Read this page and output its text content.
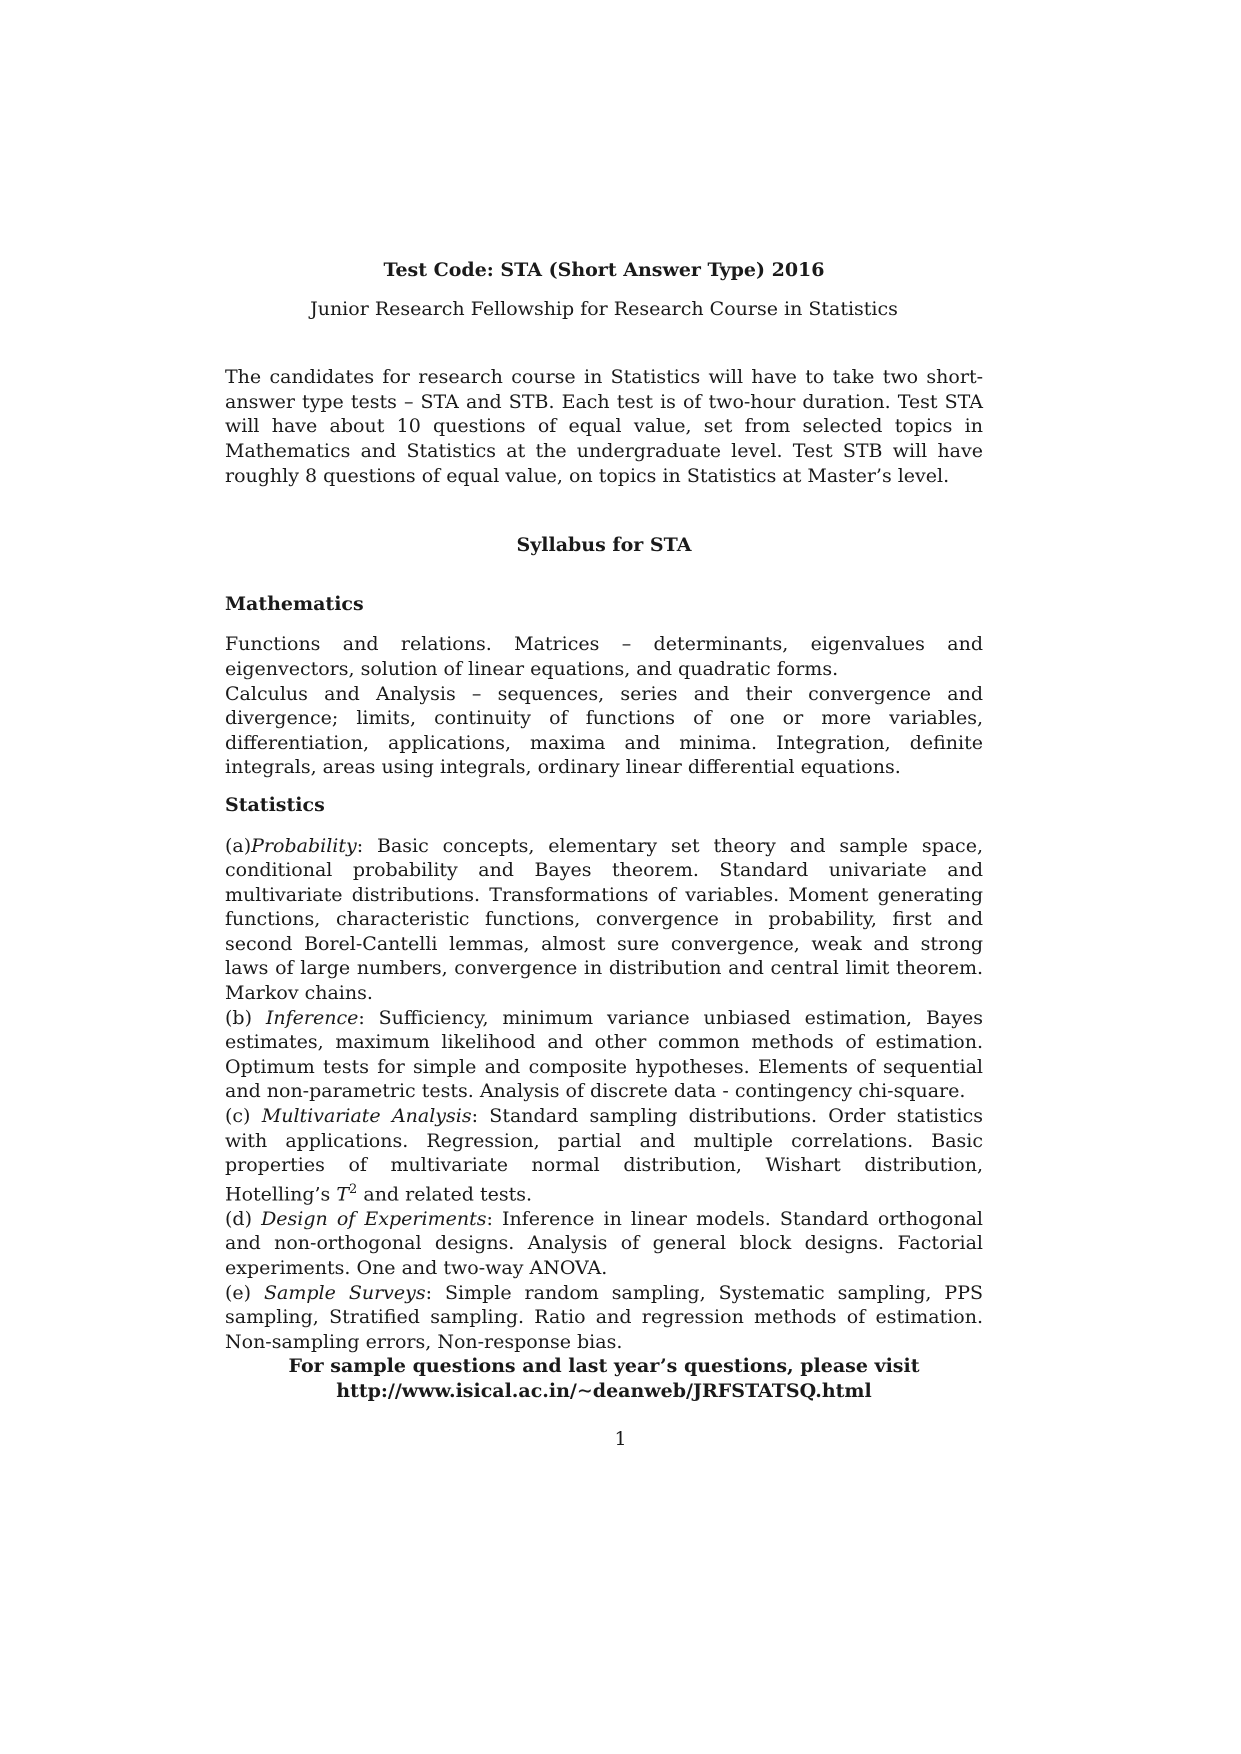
Test Code: STA (Short Answer Type) 2016

Junior Research Fellowship for Research Course in Statistics

The candidates for research course in Statistics will have to take two short-answer type tests – STA and STB. Each test is of two-hour duration. Test STA will have about 10 questions of equal value, set from selected topics in Mathematics and Statistics at the undergraduate level. Test STB will have roughly 8 questions of equal value, on topics in Statistics at Master’s level.

Syllabus for STA

Mathematics

Functions and relations. Matrices – determinants, eigenvalues and eigenvectors, solution of linear equations, and quadratic forms.

Calculus and Analysis – sequences, series and their convergence and divergence; limits, continuity of functions of one or more variables, differentiation, applications, maxima and minima. Integration, definite integrals, areas using integrals, ordinary linear differential equations.

Statistics

(a)Probability: Basic concepts, elementary set theory and sample space, conditional probability and Bayes theorem. Standard univariate and multivariate distributions. Transformations of variables. Moment generating functions, characteristic functions, convergence in probability, first and second Borel-Cantelli lemmas, almost sure convergence, weak and strong laws of large numbers, convergence in distribution and central limit theorem. Markov chains.

(b) Inference: Sufficiency, minimum variance unbiased estimation, Bayes estimates, maximum likelihood and other common methods of estimation. Optimum tests for simple and composite hypotheses. Elements of sequential and non-parametric tests. Analysis of discrete data - contingency chi-square.

(c) Multivariate Analysis: Standard sampling distributions. Order statistics with applications. Regression, partial and multiple correlations. Basic properties of multivariate normal distribution, Wishart distribution, Hotelling’s $T^2$ and related tests.

(d) Design of Experiments: Inference in linear models. Standard orthogonal and non-orthogonal designs. Analysis of general block designs. Factorial experiments. One and two-way ANOVA.

(e) Sample Surveys: Simple random sampling, Systematic sampling, PPS sampling, Stratified sampling. Ratio and regression methods of estimation. Non-sampling errors, Non-response bias.

For sample questions and last year’s questions, please visit

http://www.isical.ac.in/∼deanweb/JRFSTATSQ.html

1
